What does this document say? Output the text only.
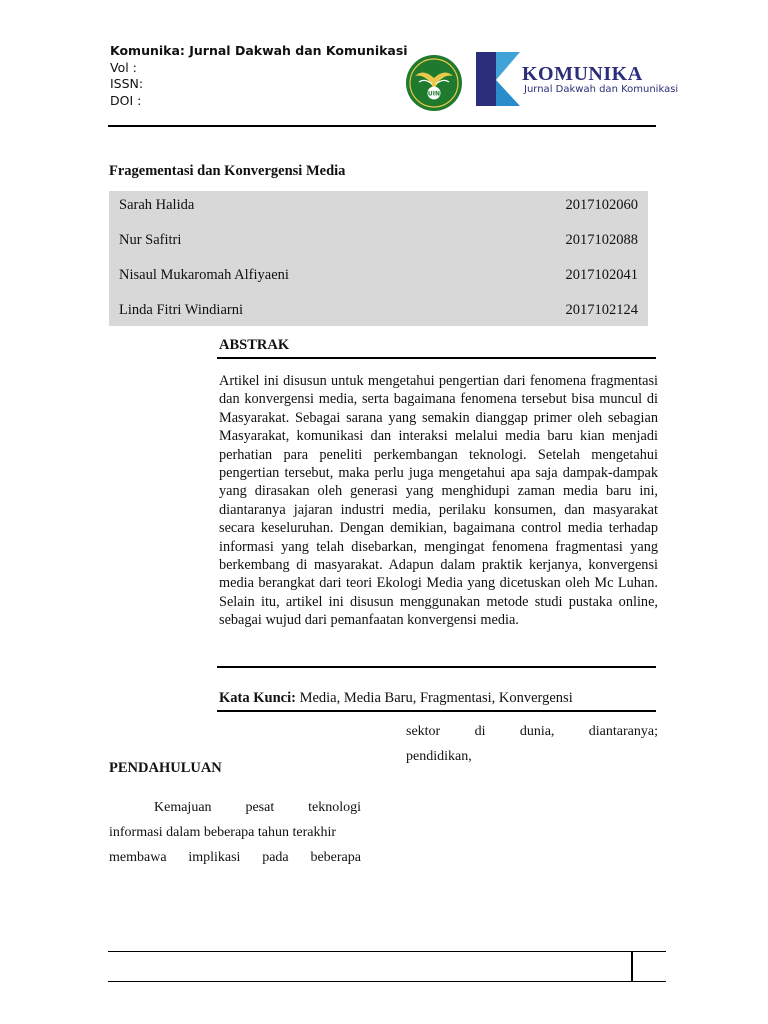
Komunika: Jurnal Dakwah dan Komunikasi
Vol :
ISSN:
DOI :	UIN
KOMUNIKA
Jurnal Dakwah dan Komunikasi
Fragementasi dan Konvergensi Media
Sarah Halida	2017102060
Nur Safitri	2017102088
Nisaul Mukaromah Alfiyaeni	2017102041
Linda Fitri Windiarni	2017102124
ABSTRAK
Artikel ini disusun untuk mengetahui pengertian dari fenomena fragmentasi dan konvergensi media, serta bagaimana fenomena tersebut bisa muncul di Masyarakat. Sebagai sarana yang semakin dianggap primer oleh sebagian Masyarakat, komunikasi dan interaksi melalui media baru kian menjadi perhatian para peneliti perkembangan teknologi. Setelah mengetahui pengertian tersebut, maka perlu juga mengetahui apa saja dampak-dampak yang dirasakan oleh generasi yang menghidupi zaman media baru ini, diantaranya jajaran industri media, perilaku konsumen, dan masyarakat secara keseluruhan. Dengan demikian, bagaimana control media terhadap informasi yang telah disebarkan, mengingat fenomena fragmentasi yang berkembang di masyarakat. Adapun dalam praktik kerjanya, konvergensi media berangkat dari teori Ekologi Media yang dicetuskan oleh Mc Luhan. Selain itu, artikel ini disusun menggunakan metode studi pustaka online, sebagai wujud dari pemanfaatan konvergensi media.
Kata Kunci: Media, Media Baru, Fragmentasi, Konvergensi
sektor di dunia, diantaranya;
pendidikan,
PENDAHULUAN
Kemajuan pesat teknologi
informasi dalam beberapa tahun terakhir
membawa implikasi pada beberapa
